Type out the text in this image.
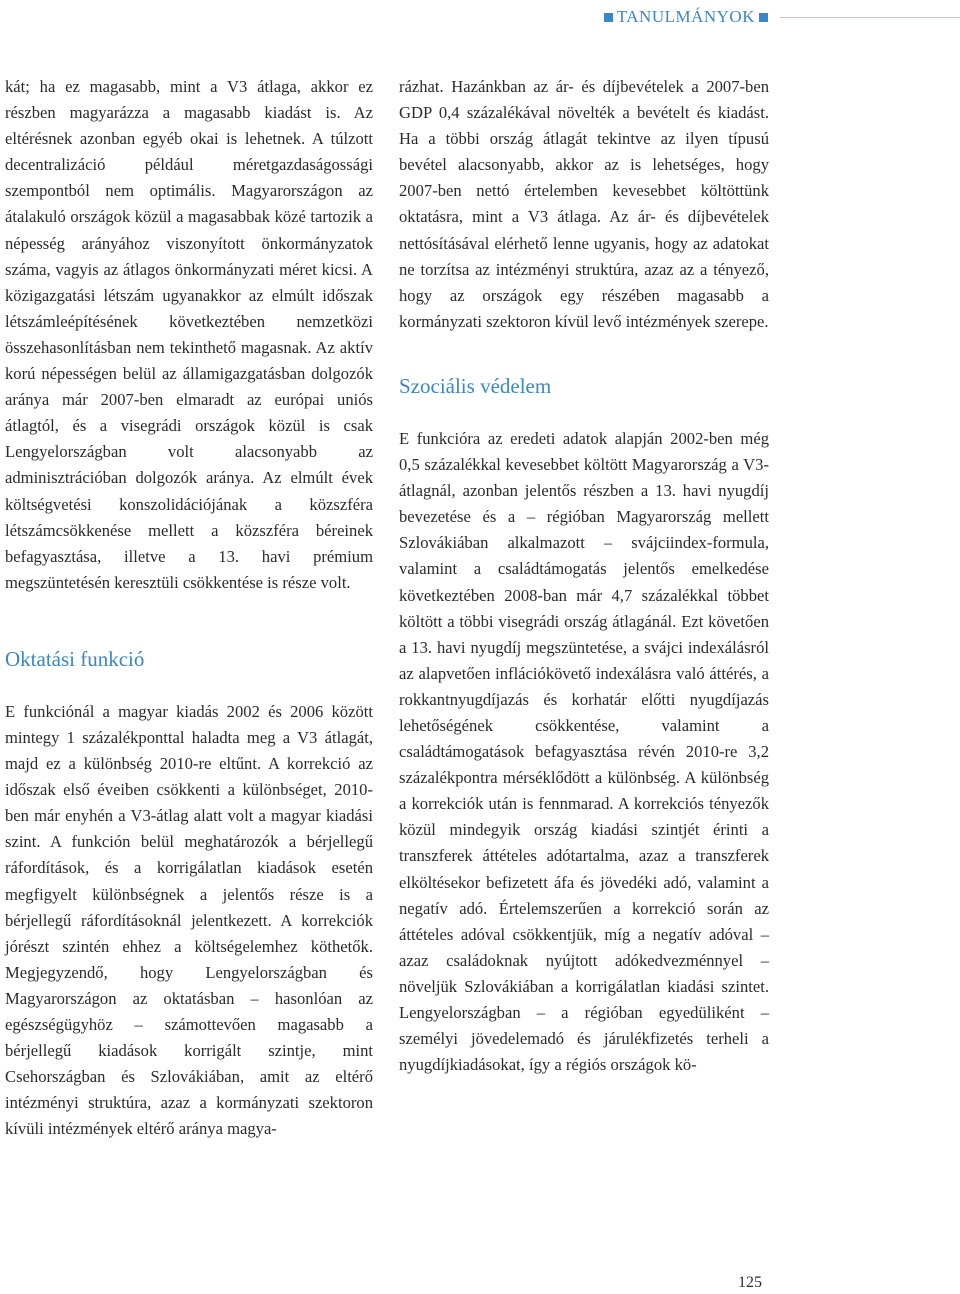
TANULMÁNYOK

kát; ha ez magasabb, mint a V3 átlaga, akkor ez részben magyarázza a magasabb kiadást is. Az eltérésnek azonban egyéb okai is lehetnek. A túlzott decentralizáció például méretgazdaságossági szempontból nem optimális. Magyarországon az átalakuló országok közül a magasabbak közé tartozik a népesség arányához viszonyított önkormányzatok száma, vagyis az átlagos önkormányzati méret kicsi. A közigazgatási létszám ugyanakkor az elmúlt időszak létszámleépítésének következtében nemzetközi összehasonlításban nem tekinthető magasnak. Az aktív korú népességen belül az államigazgatásban dolgozók aránya már 2007-ben elmaradt az európai uniós átlagtól, és a visegrádi országok közül is csak Lengyelországban volt alacsonyabb az adminisztrációban dolgozók aránya. Az elmúlt évek költségvetési konszolidációjának a közszféra létszámcsökkenése mellett a közszféra béreinek befagyasztása, illetve a 13. havi prémium megszüntetésén keresztüli csökkentése is része volt.

Oktatási funkció

E funkciónál a magyar kiadás 2002 és 2006 között mintegy 1 százalékponttal haladta meg a V3 átlagát, majd ez a különbség 2010-re eltűnt. A korrekció az időszak első éveiben csökkenti a különbséget, 2010-ben már enyhén a V3-átlag alatt volt a magyar kiadási szint. A funkción belül meghatározók a bérjellegű ráfordítások, és a korrigálatlan kiadások esetén megfigyelt különbségnek a jelentős része is a bérjellegű ráfordításoknál jelentkezett. A korrekciók jórészt szintén ehhez a költségelemhez köthetők. Megjegyzendő, hogy Lengyelországban és Magyarországon az oktatásban – hasonlóan az egészségügyhöz – számottevően magasabb a bérjellegű kiadások korrigált szintje, mint Csehországban és Szlovákiában, amit az eltérő intézményi struktúra, azaz a kormányzati szektoron kívüli intézmények eltérő aránya magya-

rázhat. Hazánkban az ár- és díjbevételek a 2007-ben GDP 0,4 százalékával növelték a bevételt és kiadást. Ha a többi ország átlagát tekintve az ilyen típusú bevétel alacsonyabb, akkor az is lehetséges, hogy 2007-ben nettó értelemben kevesebbet költöttünk oktatásra, mint a V3 átlaga. Az ár- és díjbevételek nettósításával elérhető lenne ugyanis, hogy az adatokat ne torzítsa az intézményi struktúra, azaz az a tényező, hogy az országok egy részében magasabb a kormányzati szektoron kívül levő intézmények szerepe.

Szociális védelem

E funkcióra az eredeti adatok alapján 2002-ben még 0,5 százalékkal kevesebbet költött Magyarország a V3-átlagnál, azonban jelentős részben a 13. havi nyugdíj bevezetése és a – régióban Magyarország mellett Szlovákiában alkalmazott – svájciindex-formula, valamint a családtámogatás jelentős emelkedése következtében 2008-ban már 4,7 százalékkal többet költött a többi visegrádi ország átlagánál. Ezt követően a 13. havi nyugdíj megszüntetése, a svájci indexálásról az alapvetően inflációkövető indexálásra való áttérés, a rokkantnyugdíjazás és korhatár előtti nyugdíjazás lehetőségének csökkentése, valamint a családtámogatások befagyasztása révén 2010-re 3,2 százalékpontra mérséklődött a különbség. A különbség a korrekciók után is fennmarad. A korrekciós tényezők közül mindegyik ország kiadási szintjét érinti a transzferek áttételes adótartalma, azaz a transzferek elköltésekor befizetett áfa és jövedéki adó, valamint a negatív adó. Értelemszerűen a korrekció során az áttételes adóval csökkentjük, míg a negatív adóval – azaz családoknak nyújtott adókedvezménnyel – növeljük Szlovákiában a korrigálatlan kiadási szintet. Lengyelországban – a régióban egyedüliként – személyi jövedelemadó és járulékfizetés terheli a nyugdíjkiadásokat, így a régiós országok kö-

125
